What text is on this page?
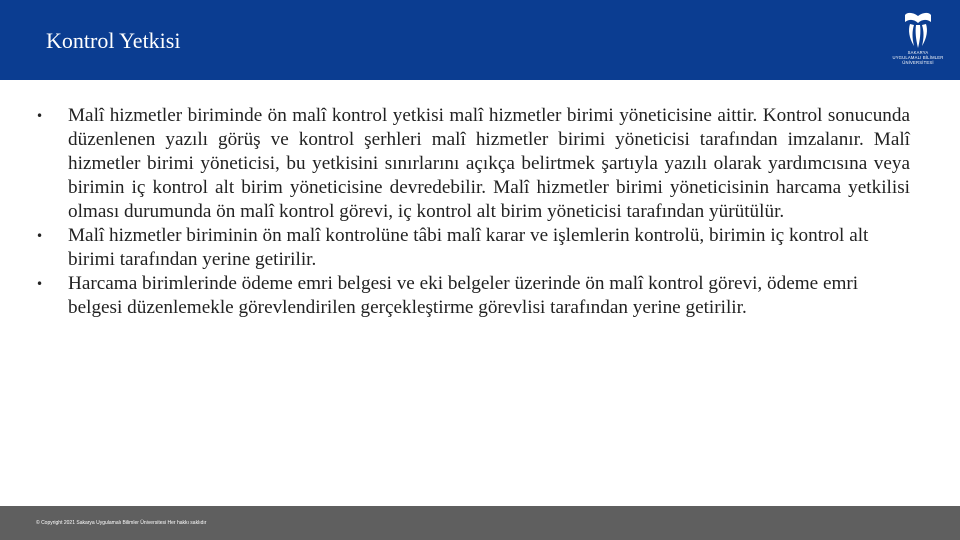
Kontrol Yetkisi	SAKARYA
UYGULAMALI BİLİMLER
ÜNİVERSİTESİ
•	Malî hizmetler biriminde ön malî kontrol yetkisi malî hizmetler birimi yöneticisine aittir. Kontrol sonucunda düzenlenen yazılı görüş ve kontrol şerhleri malî hizmetler birimi yöneticisi tarafından imzalanır. Malî hizmetler birimi yöneticisi, bu yetkisini sınırlarını açıkça belirtmek şartıyla yazılı olarak yardımcısına veya birimin iç kontrol alt birim yöneticisine devredebilir. Malî hizmetler birimi yöneticisinin harcama yetkilisi olması durumunda ön malî kontrol görevi, iç kontrol alt birim yöneticisi tarafından yürütülür.
•	Malî hizmetler biriminin ön malî kontrolüne tâbi malî karar ve işlemlerin kontrolü, birimin iç kontrol alt birimi tarafından yerine getirilir.
•	Harcama birimlerinde ödeme emri belgesi ve eki belgeler üzerinde ön malî kontrol görevi, ödeme emri belgesi düzenlemekle görevlendirilen gerçekleştirme görevlisi tarafından yerine getirilir.
© Copyright 2021 Sakarya Uygulamalı Bilimler Üniversitesi Her hakkı saklıdır
